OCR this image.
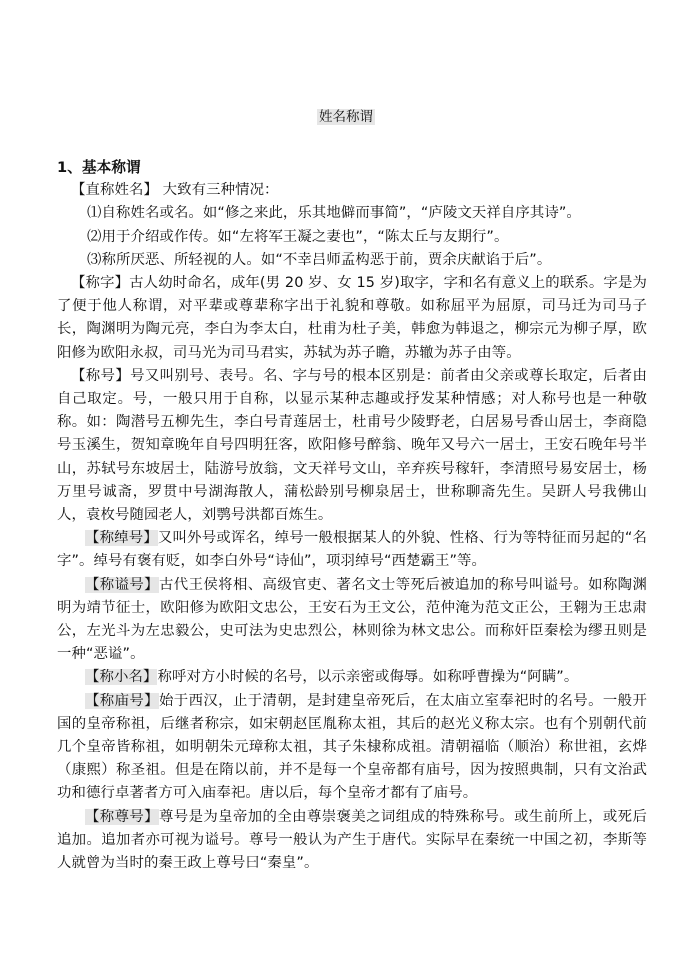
姓名称谓

1、基本称谓

【直称姓名】 大致有三种情况：

⑴自称姓名或名。如“修之来此，乐其地僻而事简”，“庐陵文天祥自序其诗”。

⑵用于介绍或作传。如“左将军王凝之妻也”，“陈太丘与友期行”。

⑶称所厌恶、所轻视的人。如“不幸吕师孟构恶于前，贾余庆献谄于后”。

【称字】古人幼时命名，成年(男 20 岁、女 15 岁)取字，字和名有意义上的联系。字是为了便于他人称谓，对平辈或尊辈称字出于礼貌和尊敬。如称屈平为屈原，司马迁为司马子长，陶渊明为陶元亮，李白为李太白，杜甫为杜子美，韩愈为韩退之，柳宗元为柳子厚，欧阳修为欧阳永叔，司马光为司马君实，苏轼为苏子瞻，苏辙为苏子由等。

【称号】号又叫别号、表号。名、字与号的根本区别是：前者由父亲或尊长取定，后者由自己取定。号，一般只用于自称，以显示某种志趣或抒发某种情感；对人称号也是一种敬称。如：陶潜号五柳先生，李白号青莲居士，杜甫号少陵野老，白居易号香山居士，李商隐号玉溪生，贺知章晚年自号四明狂客，欧阳修号醉翁、晚年又号六一居士，王安石晚年号半山，苏轼号东坡居士，陆游号放翁，文天祥号文山，辛弃疾号稼轩，李清照号易安居士，杨万里号诚斋，罗贯中号湖海散人，蒲松龄别号柳泉居士，世称聊斋先生。吴趼人号我佛山人，袁枚号随园老人，刘鹗号洪都百炼生。

【称绰号】又叫外号或诨名，绰号一般根据某人的外貌、性格、行为等特征而另起的“名字”。绰号有褒有贬，如李白外号“诗仙”，项羽绰号“西楚霸王”等。

【称谥号】古代王侯将相、高级官吏、著名文士等死后被追加的称号叫谥号。如称陶渊明为靖节征士，欧阳修为欧阳文忠公，王安石为王文公，范仲淹为范文正公，王翱为王忠肃公，左光斗为左忠毅公，史可法为史忠烈公，林则徐为林文忠公。而称奸臣秦桧为缪丑则是一种“恶谥”。

【称小名】称呼对方小时候的名号，以示亲密或侮辱。如称呼曹操为“阿瞒”。

【称庙号】始于西汉，止于清朝，是封建皇帝死后，在太庙立室奉祀时的名号。一般开国的皇帝称祖，后继者称宗，如宋朝赵匡胤称太祖，其后的赵光义称太宗。也有个别朝代前几个皇帝皆称祖，如明朝朱元璋称太祖，其子朱棣称成祖。清朝福临（顺治）称世祖，玄烨（康熙）称圣祖。但是在隋以前，并不是每一个皇帝都有庙号，因为按照典制，只有文治武功和德行卓著者方可入庙奉祀。唐以后，每个皇帝才都有了庙号。

【称尊号】尊号是为皇帝加的全由尊崇褒美之词组成的特殊称号。或生前所上，或死后追加。追加者亦可视为谥号。尊号一般认为产生于唐代。实际早在秦统一中国之初，李斯等人就曾为当时的秦王政上尊号曰“秦皇”。
